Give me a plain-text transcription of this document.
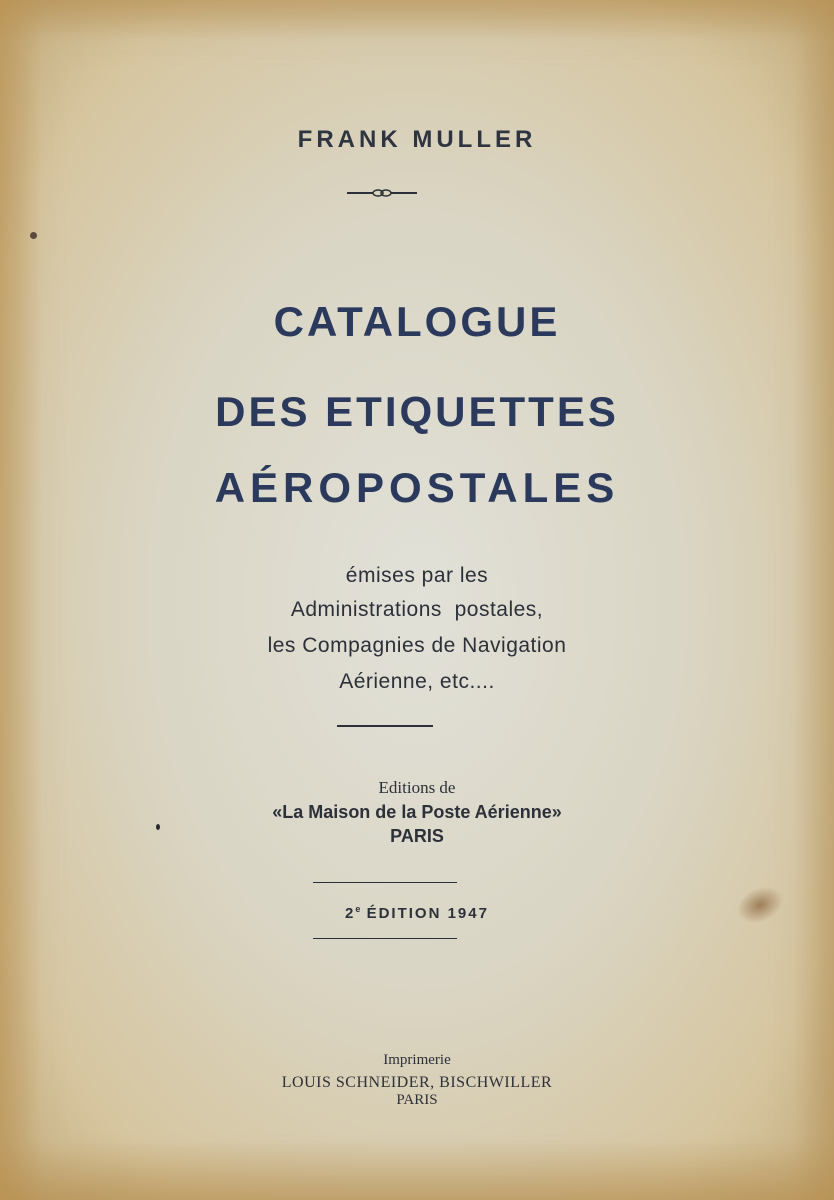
FRANK MULLER
CATALOGUE
DES ETIQUETTES
AÉROPOSTALES
émises par les
Administrations  postales,
les Compagnies de Navigation
Aérienne, etc....
Editions de
«La Maison de la Poste Aérienne»
PARIS
2e ÉDITION 1947
Imprimerie
LOUIS SCHNEIDER, BISCHWILLER
PARIS
